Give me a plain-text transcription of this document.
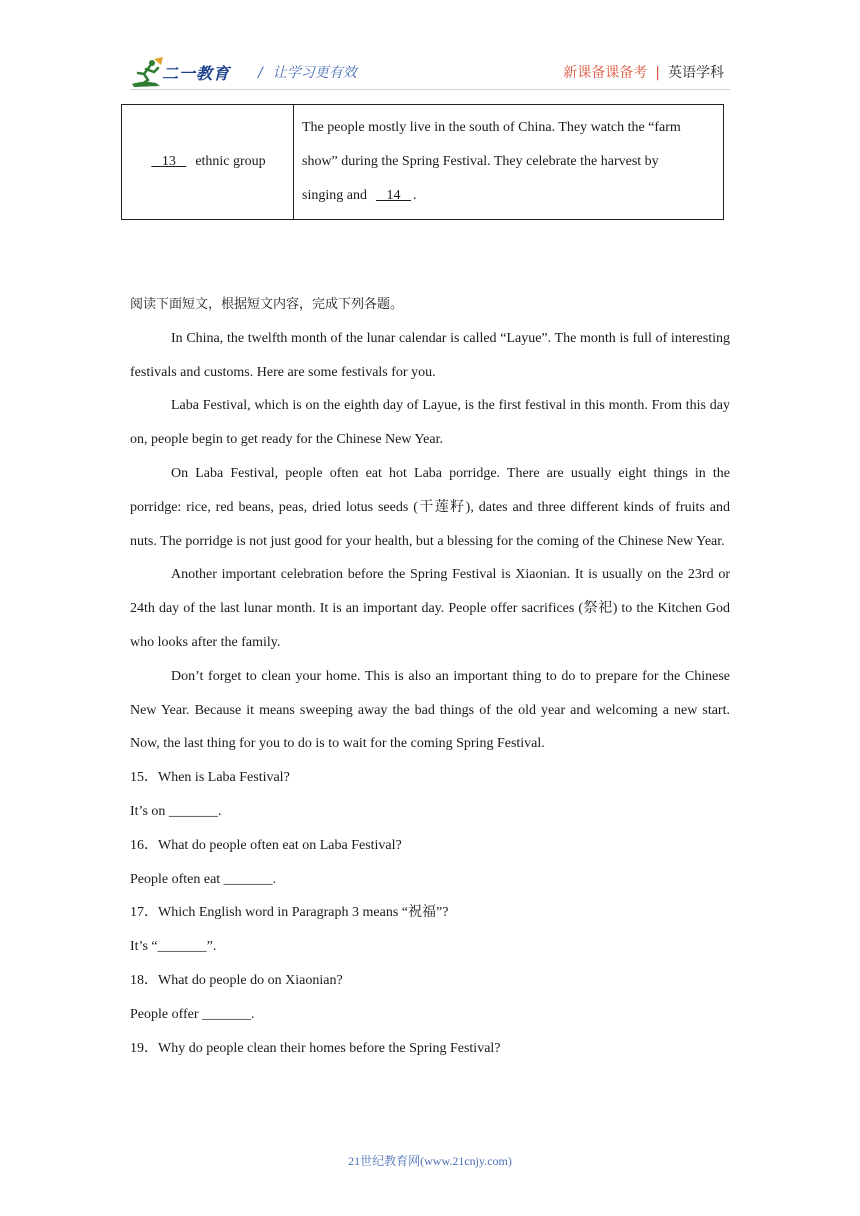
二一教育 / 让学习更有效	新课备课备考 | 英语学科
13 ethnic group	
The people mostly live in the south of China. They watch the “farm
show” during the Spring Festival. They celebrate the harvest by
singing and 14 .
阅读下面短文，根据短文内容，完成下列各题。

In China, the twelfth month of the lunar calendar is called “Layue”. The month is full of interesting festivals and customs. Here are some festivals for you.

Laba Festival, which is on the eighth day of Layue, is the first festival in this month. From this day on, people begin to get ready for the Chinese New Year.

On Laba Festival, people often eat hot Laba porridge. There are usually eight things in the porridge: rice, red beans, peas, dried lotus seeds (干莲籽), dates and three different kinds of fruits and nuts. The porridge is not just good for your health, but a blessing for the coming of the Chinese New Year.

Another important celebration before the Spring Festival is Xiaonian. It is usually on the 23rd or 24th day of the last lunar month. It is an important day. People offer sacrifices (祭祀) to the Kitchen God who looks after the family.

Don’t forget to clean your home. This is also an important thing to do to prepare for the Chinese New Year. Because it means sweeping away the bad things of the old year and welcoming a new start. Now, the last thing for you to do is to wait for the coming Spring Festival.

15．When is Laba Festival?
It’s on _______.
16．What do people often eat on Laba Festival?
People often eat _______.
17．Which English word in Paragraph 3 means “祝福”?
It’s “_______”.
18．What do people do on Xiaonian?
People offer _______.
19．Why do people clean their homes before the Spring Festival?
21世纪教育网(www.21cnjy.com)
